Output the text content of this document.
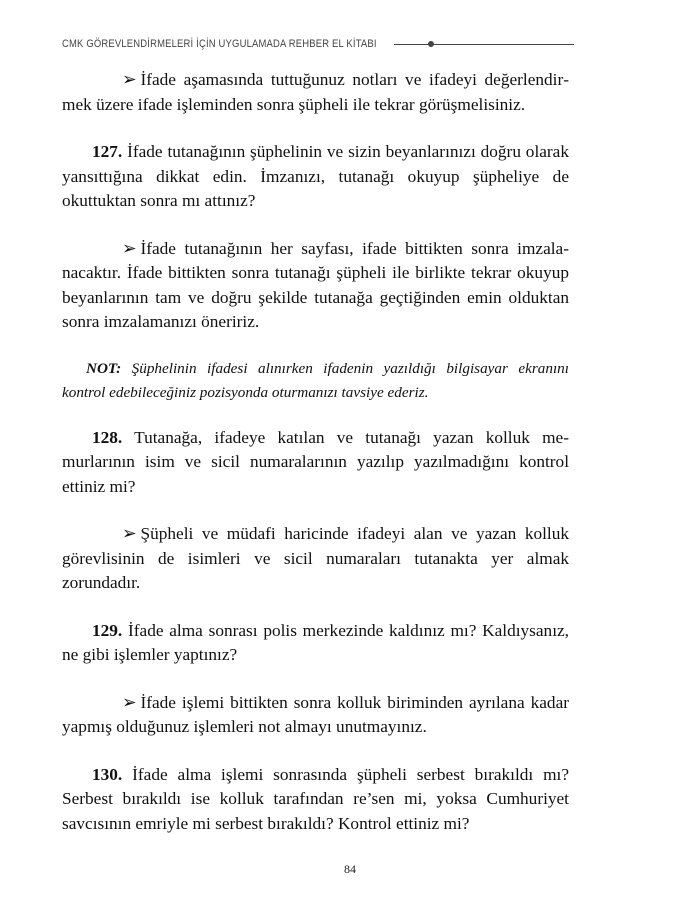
CMK GÖREVLENDİRMELERİ İÇİN UYGULAMADA REHBER EL KİTABI

➢ İfade aşamasında tuttuğunuz notları ve ifadeyi değerlendirmek üzere ifade işleminden sonra şüpheli ile tekrar görüşmelisiniz.

127. İfade tutanağının şüphelinin ve sizin beyanlarınızı doğru olarak yansıttığına dikkat edin. İmzanızı, tutanağı okuyup şüpheliye de okuttuktan sonra mı attınız?

➢ İfade tutanağının her sayfası, ifade bittikten sonra imzalanacaktır. İfade bittikten sonra tutanağı şüpheli ile birlikte tekrar okuyup beyanlarının tam ve doğru şekilde tutanağa geçtiğinden emin olduktan sonra imzalamanızı öneririz.

NOT: Şüphelinin ifadesi alınırken ifadenin yazıldığı bilgisayar ekranını kontrol edebileceğiniz pozisyonda oturmanızı tavsiye ederiz.

128. Tutanağa, ifadeye katılan ve tutanağı yazan kolluk memurlarının isim ve sicil numaralarının yazılıp yazılmadığını kontrol ettiniz mi?

➢ Şüpheli ve müdafi haricinde ifadeyi alan ve yazan kolluk görevlisinin de isimleri ve sicil numaraları tutanakta yer almak zorundadır.

129. İfade alma sonrası polis merkezinde kaldınız mı? Kaldıysanız, ne gibi işlemler yaptınız?

➢ İfade işlemi bittikten sonra kolluk biriminden ayrılana kadar yapmış olduğunuz işlemleri not almayı unutmayınız.

130. İfade alma işlemi sonrasında şüpheli serbest bırakıldı mı? Serbest bırakıldı ise kolluk tarafından re’sen mi, yoksa Cumhuriyet savcısının emriyle mi serbest bırakıldı? Kontrol ettiniz mi?

84
